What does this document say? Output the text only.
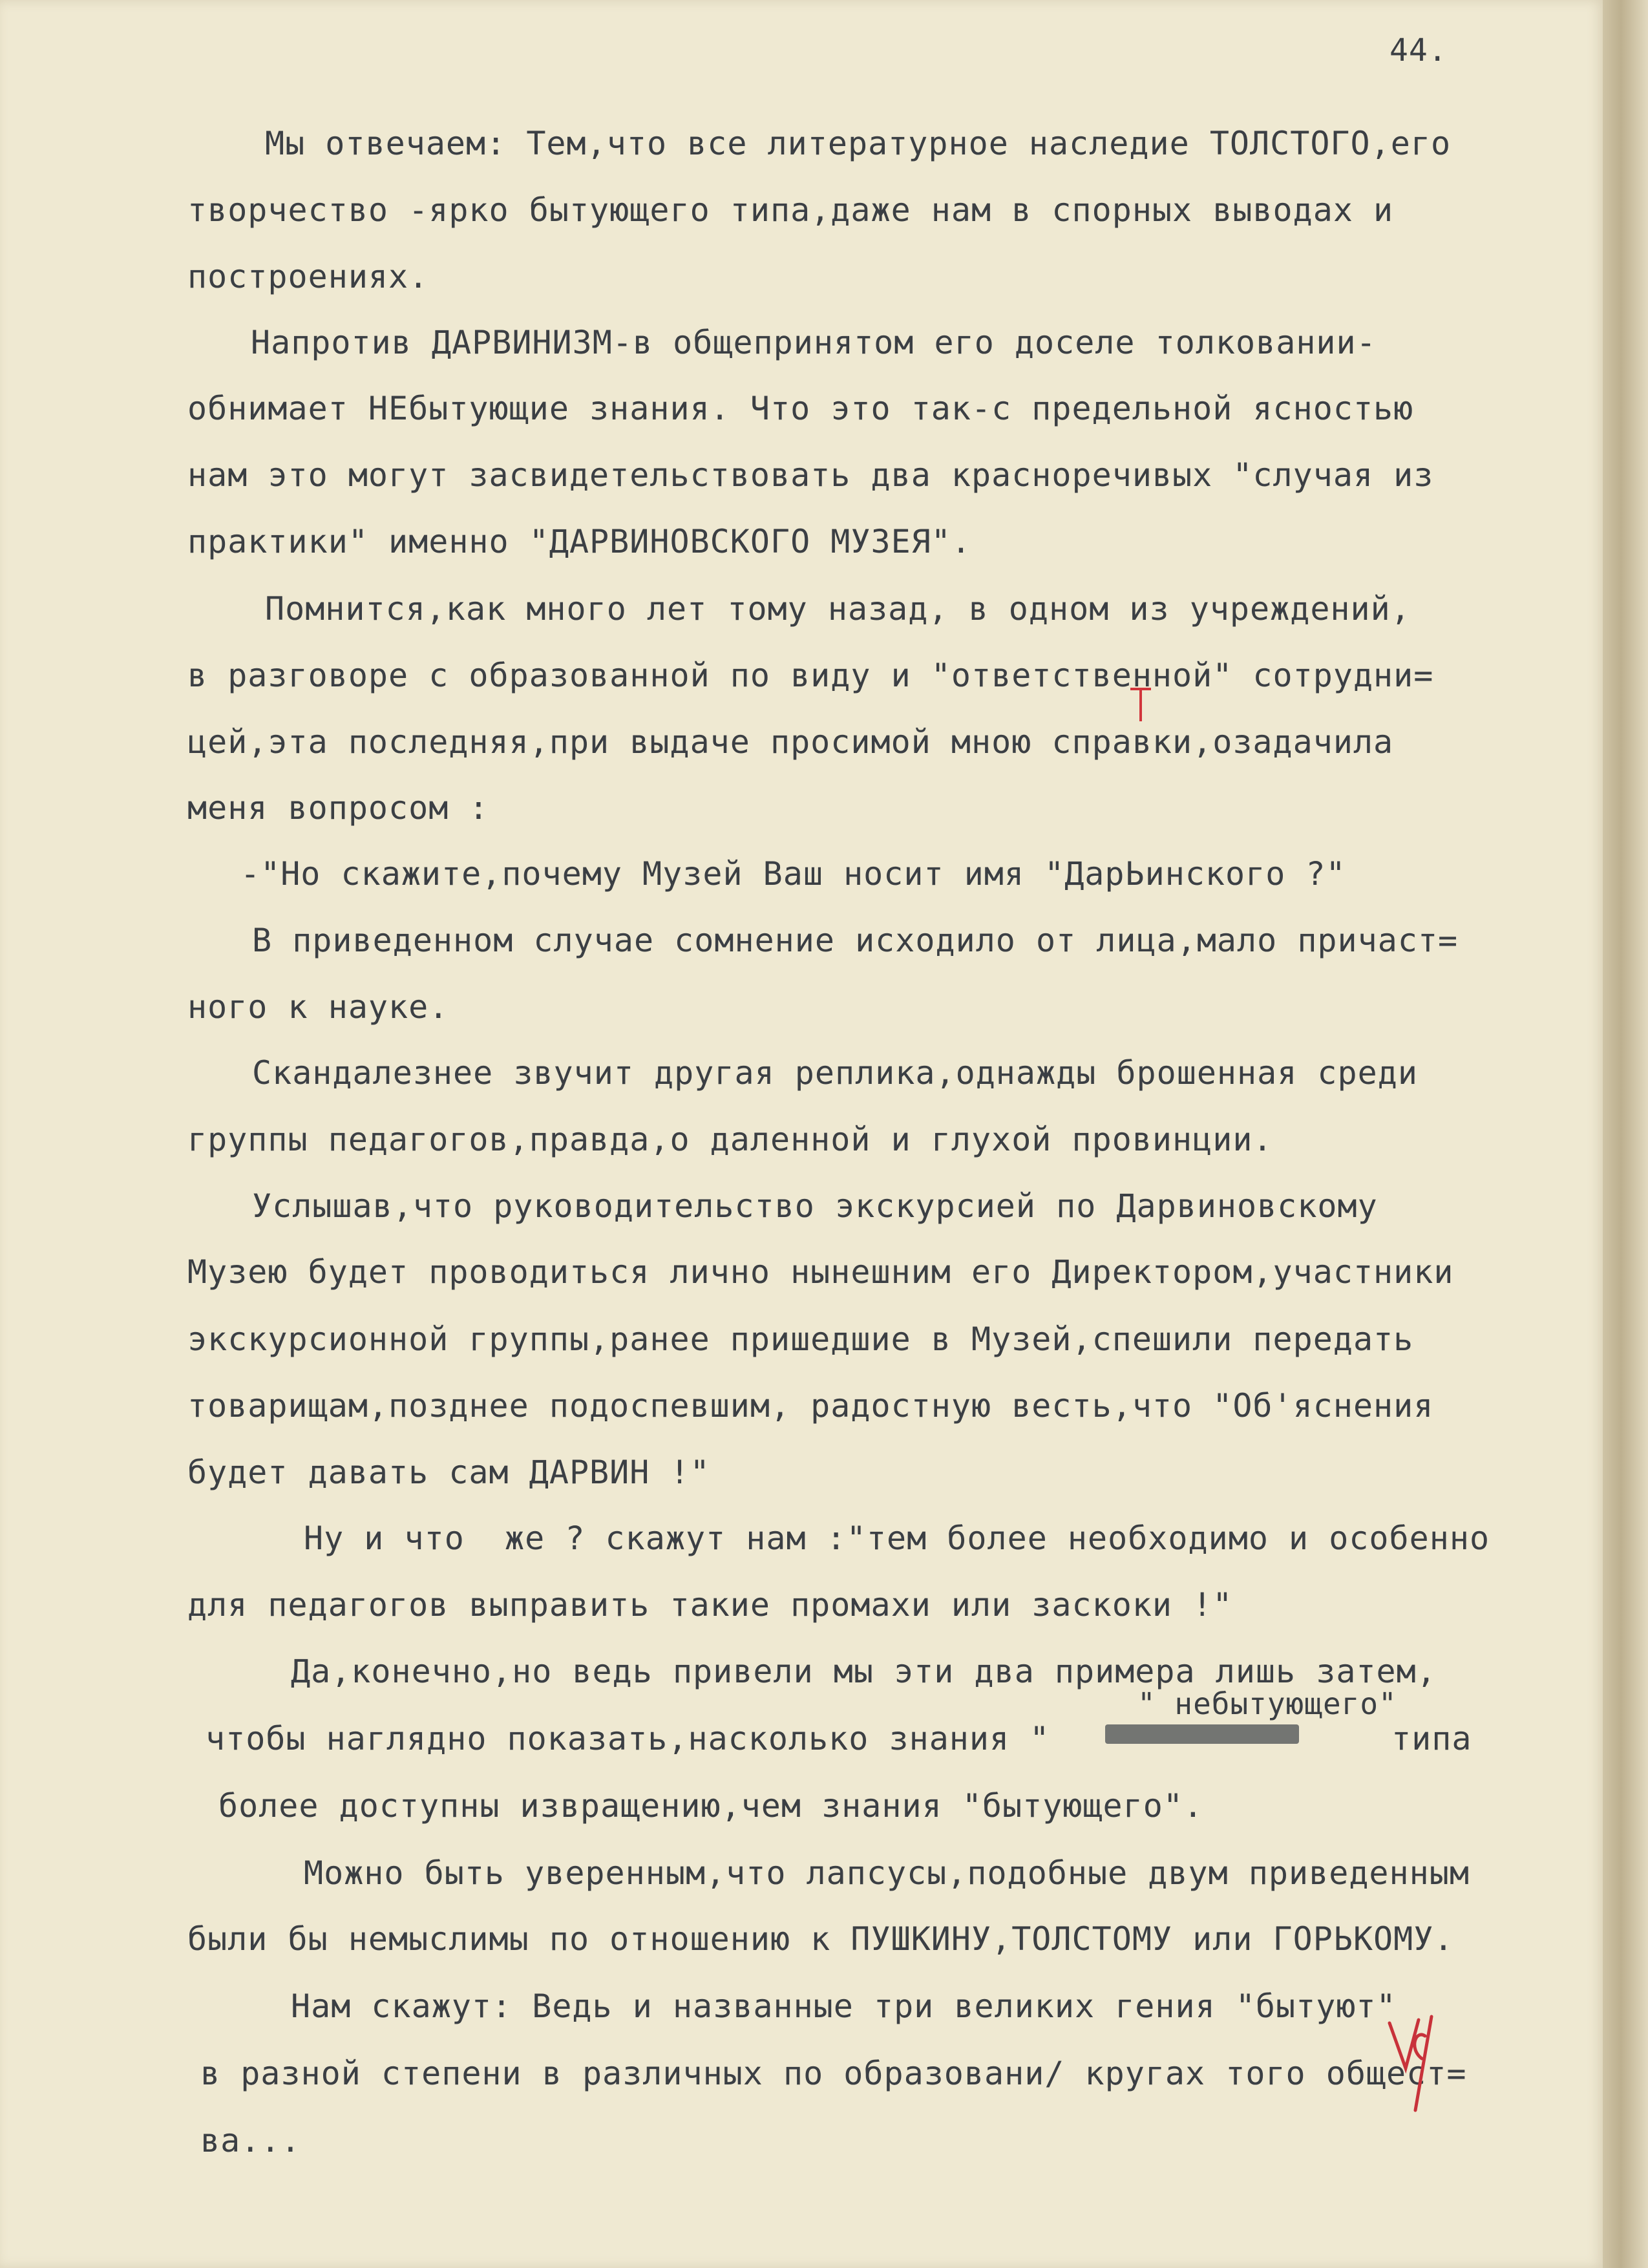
44.

Мы отвечаем: Тем,что все литературное наследие ТОЛСТОГО,его

творчество -ярко бытующего типа,даже нам в спорных выводах и

построениях.

Напротив ДАРВИНИЗМ-в общепринятом его доселе толковании-

обнимает НЕбытующие знания. Что это так-с предельной ясностью

нам это могут засвидетельствовать два красноречивых "случая из

практики" именно "ДАРВИНОВСКОГО МУЗЕЯ".

Помнится,как много лет тому назад, в одном из учреждений,

в разговоре с образованной по виду и "ответственной" сотрудни=

цей,эта последняя,при выдаче просимой мною справки,озадачила

меня вопросом :

-"Но скажите,почему Музей Ваш носит имя "ДарЬинского ?"

В приведенном случае сомнение исходило от лица,мало причаст=

ного к науке.

Скандалезнее звучит другая реплика,однажды брошенная среди

группы педагогов,правда,о даленной и глухой провинции.

Услышав,что руководительство экскурсией по Дарвиновскому

Музею будет проводиться лично нынешним его Директором,участники

экскурсионной группы,ранее пришедшие в Музей,спешили передать

товарищам,позднее подоспевшим, радостную весть,что "Об'яснения

будет давать сам ДАРВИН !"

Ну и что  же ? скажут нам :"тем более необходимо и особенно

для педагогов выправить такие промахи или заскоки !"

Да,конечно,но ведь привели мы эти два примера лишь затем,

" небытующего"

чтобы наглядно показать,насколько знания "                 типа

более доступны извращению,чем знания "бытующего".

Можно быть уверенным,что лапсусы,подобные двум приведенным

были бы немыслимы по отношению к ПУШКИНУ,ТОЛСТОМУ или ГОРЬКОМУ.

Нам скажут: Ведь и названные три великих гения "бытуют"

в разной степени в различных по образовани/ кругах того общест=

ва...
